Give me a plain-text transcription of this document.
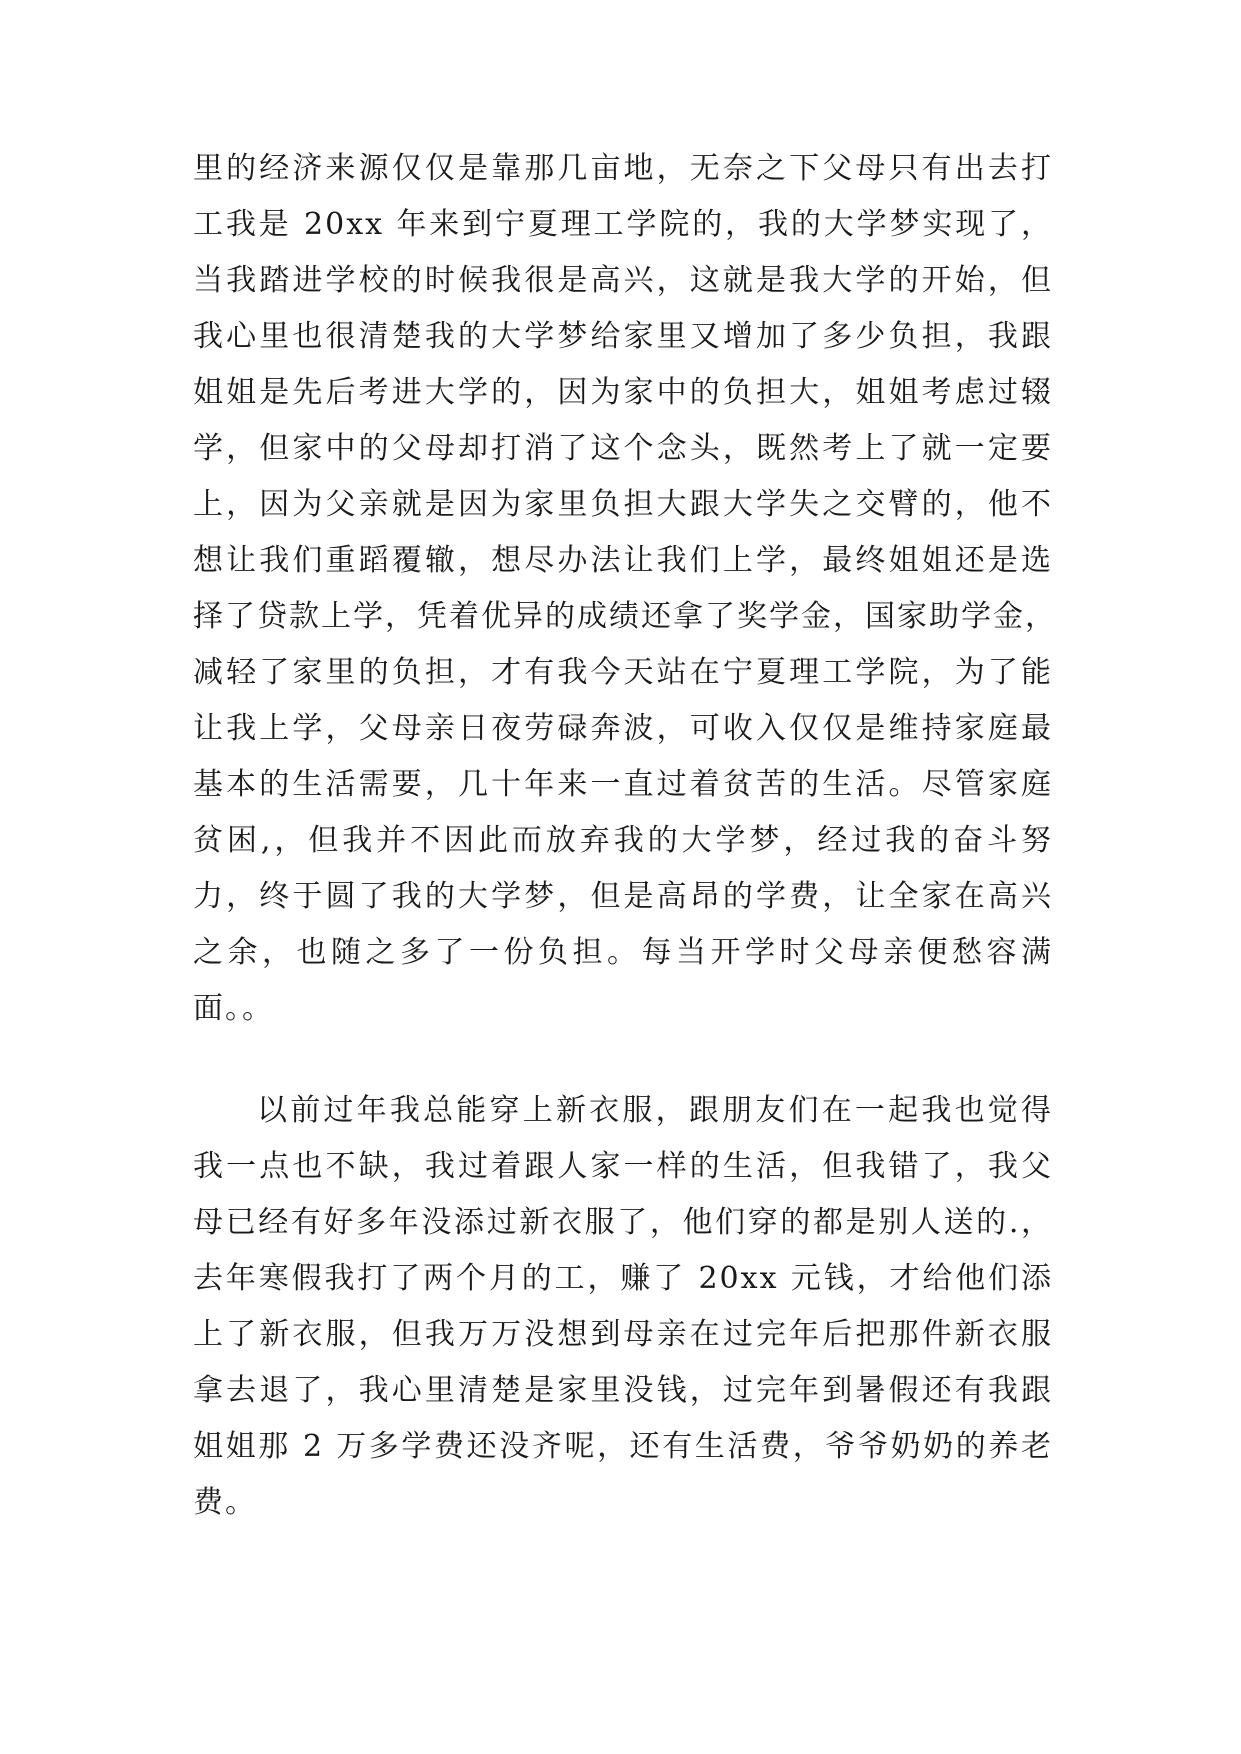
里的经济来源仅仅是靠那几亩地，无奈之下父母只有出去打
工我是 20xx 年来到宁夏理工学院的，我的大学梦实现了，
当我踏进学校的时候我很是高兴，这就是我大学的开始，但
我心里也很清楚我的大学梦给家里又增加了多少负担，我跟
姐姐是先后考进大学的，因为家中的负担大，姐姐考虑过辍
学，但家中的父母却打消了这个念头，既然考上了就一定要
上，因为父亲就是因为家里负担大跟大学失之交臂的，他不
想让我们重蹈覆辙，想尽办法让我们上学，最终姐姐还是选
择了贷款上学，凭着优异的成绩还拿了奖学金，国家助学金，
减轻了家里的负担，才有我今天站在宁夏理工学院，为了能
让我上学，父母亲日夜劳碌奔波，可收入仅仅是维持家庭最
基本的生活需要，几十年来一直过着贫苦的生活。尽管家庭
贫困,，但我并不因此而放弃我的大学梦，经过我的奋斗努
力，终于圆了我的大学梦，但是高昂的学费，让全家在高兴
之余，也随之多了一份负担。每当开学时父母亲便愁容满
面。。
以前过年我总能穿上新衣服，跟朋友们在一起我也觉得
我一点也不缺，我过着跟人家一样的生活，但我错了，我父
母已经有好多年没添过新衣服了，他们穿的都是别人送的.，
去年寒假我打了两个月的工，赚了 20xx 元钱，才给他们添
上了新衣服，但我万万没想到母亲在过完年后把那件新衣服
拿去退了，我心里清楚是家里没钱，过完年到暑假还有我跟
姐姐那 2 万多学费还没齐呢，还有生活费，爷爷奶奶的养老
费。
